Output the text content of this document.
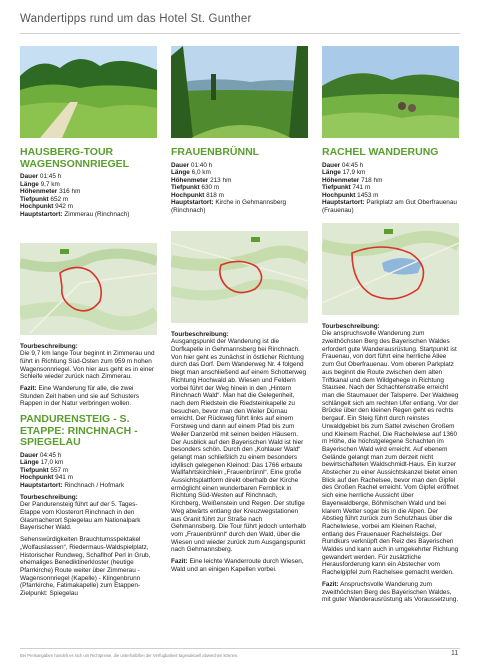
Wandertipps rund um das Hotel St. Gunther
HAUSBERG-TOUR WAGENSONNRIEGEL
Dauer 01:45 h
Länge 9,7 km
Höhenmeter 316 hm
Tiefpunkt 652 m
Hochpunkt 942 m
Hauptstartort: Zimmerau (Rinchnach)

Tourbeschreibung:
Die 9,7 km lange Tour beginnt in Zimmerau und führt in Richtung Süd-Osten zum 959 m hohen Wagensonnriegel. Von hier aus geht es in einer Schleife wieder zurück nach Zimmerau.

Fazit: Eine Wanderung für alle, die zwei Stunden Zeit haben und sie auf Schusters Rappen in der Natur verbringen wollen.

PANDURENSTEIG - S. ETAPPE: RINCHNACH - SPIEGELAU
Dauer 04:45 h
Länge 17,0 km
Tiefpunkt 557 m
Hochpunkt 941 m
Hauptstartort: Rinchnach / Hofmark

Tourbeschreibung:
Der Pandurensteig führt auf der 5. Tages-Etappe vom Klosterort Rinchnach in den Glasmacherort Spiegelau am Nationalpark Bayerischer Wald.

Sehenswürdigkeiten Brauchtumsspektakel „Wolfauslassen“, Riedermaus-Waldspielplatz, Historischer Rundweg, Schaflhof Perl in Grub, ehemaliges Benediktinerkloster (heutige Pfarrkirche) Route weiter über Zimmerau - Wagensonnriegel (Kapelle) - Klingenbrunn (Pfarrkirche, Fatimakapelle) zum Etappen-Zielpunkt: Spiegelau

FRAUENBRÜNNL
Dauer 01:40 h
Länge 6,0 km
Höhenmeter 213 hm
Tiefpunkt 630 m
Hochpunkt 818 m
Hauptstartort: Kirche in Gehmannsberg (Rinchnach)

Tourbeschreibung:
Ausgangspunkt der Wanderung ist die Dorfkapelle in Gehmannsberg bei Rinchnach. Von hier geht es zunächst in östlicher Richtung durch das Dorf. Dem Wanderweg Nr. 4 folgend biegt man anschließend auf einem Schotterweg Richtung Hochwald ab. Wiesen und Feldern vorbei führt der Weg hinein in den „Hintern Rinchnach Wald“. Man hat die Gelegenheit, nach dem Riedstein die Riedsteinkapelle zu besuchen, bevor man den Weiler Dürnau erreicht. Der Rückweg führt links auf einem Forstweg und dann auf einem Pfad bis zum Weiler Danzeröd mit seinen beiden Häusern. Der Ausblick auf den Bayerischen Wald ist hier besonders schön. Durch den „Kohlauer Wald“ gelangt man schließlich zu einem besonders idyllisch gelegenen Kleinod: Das 1766 erbaute Wallfahrtskirchlein „Frauenbrünnl“. Eine große Aussichtsplattform direkt oberhalb der Kirche ermöglicht einen wunderbaren Fernblick in Richtung Süd-Westen auf Rinchnach, Kirchberg, Weißenstein und Regen. Der stufige Weg abwärts entlang der Kreuzwegstationen aus Granit führt zur Straße nach Gehmannsberg. Die Tour führt jedoch unterhalb vom „Frauenbrünnl“ durch den Wald, über die Wiesen und wieder zurück zum Ausgangspunkt nach Gehmannsberg.

Fazit: Eine leichte Wanderroute durch Wiesen, Wald und an einigen Kapellen vorbei.

RACHEL WANDERUNG
Dauer 04:45 h
Länge 17,9 km
Höhenmeter 718 hm
Tiefpunkt 741 m
Hochpunkt 1453 m
Hauptstartort: Parkplatz am Gut Oberfrauenau (Frauenau)

Tourbeschreibung:
Die anspruchsvolle Wanderung zum zweithöchsten Berg des Bayerischen Waldes erfordert gute Wanderausrüstung. Startpunkt ist Frauenau, von dort führt eine herrliche Allee zum Gut Oberfrauenau. Vom oberen Parkplatz aus beginnt die Route zwischen dem alten Triftkanal und dem Wildgehege in Richtung Stausee. Nach der Schachtenstraße erreicht man die Staumauer der Talsperre. Der Waldweg schlängelt sich am rechten Ufer entlang. Vor der Brücke über den kleinen Regen geht es rechts bergauf. Ein Steig führt durch reinstes Urwaldgebiet bis zum Sattel zwischen Großem und Kleinem Rachel. Die Rachelwiese auf 1360 m Höhe, die höchstgelegene Schachten im Bayerischen Wald wird erreicht. Auf ebenem Gelände gelangt man zum derzeit nicht bewirtschafteten Waldschmidt-Haus. Ein kurzer Abstecher zu einer Aussichtskanzel bietet einen Blick auf den Rachelsee, bevor man den Gipfel des Großen Rachel erreicht. Vom Gipfel eröffnet sich eine herrliche Aussicht über Bayerwaldberge, Böhmischen Wald und bei klarem Wetter sogar bis in die Alpen. Der Abstieg führt zurück zum Schutzhaus über die Rachelwiese, vorbei am Kleinen Rachel, entlang des Frauenauer Rachelsteigs. Der Rundkurs verknüpft den Reiz des Bayerischen Waldes und kann auch in umgekehrter Richtung gewandert werden. Für zusätzliche Herausforderung kann ein Abstecher vom Rachelgipfel zum Rachelsee gemacht werden.

Fazit: Anspruchsvolle Wanderung zum zweithöchsten Berg des Bayerischen Waldes, mit guter Wanderausrüstung als Voraussetzung.

Bei Preisangaben handelt es sich um Richtpreise, die unterhalb/bei der Verfügbarkeit tagesaktuell abweichen können.	11
